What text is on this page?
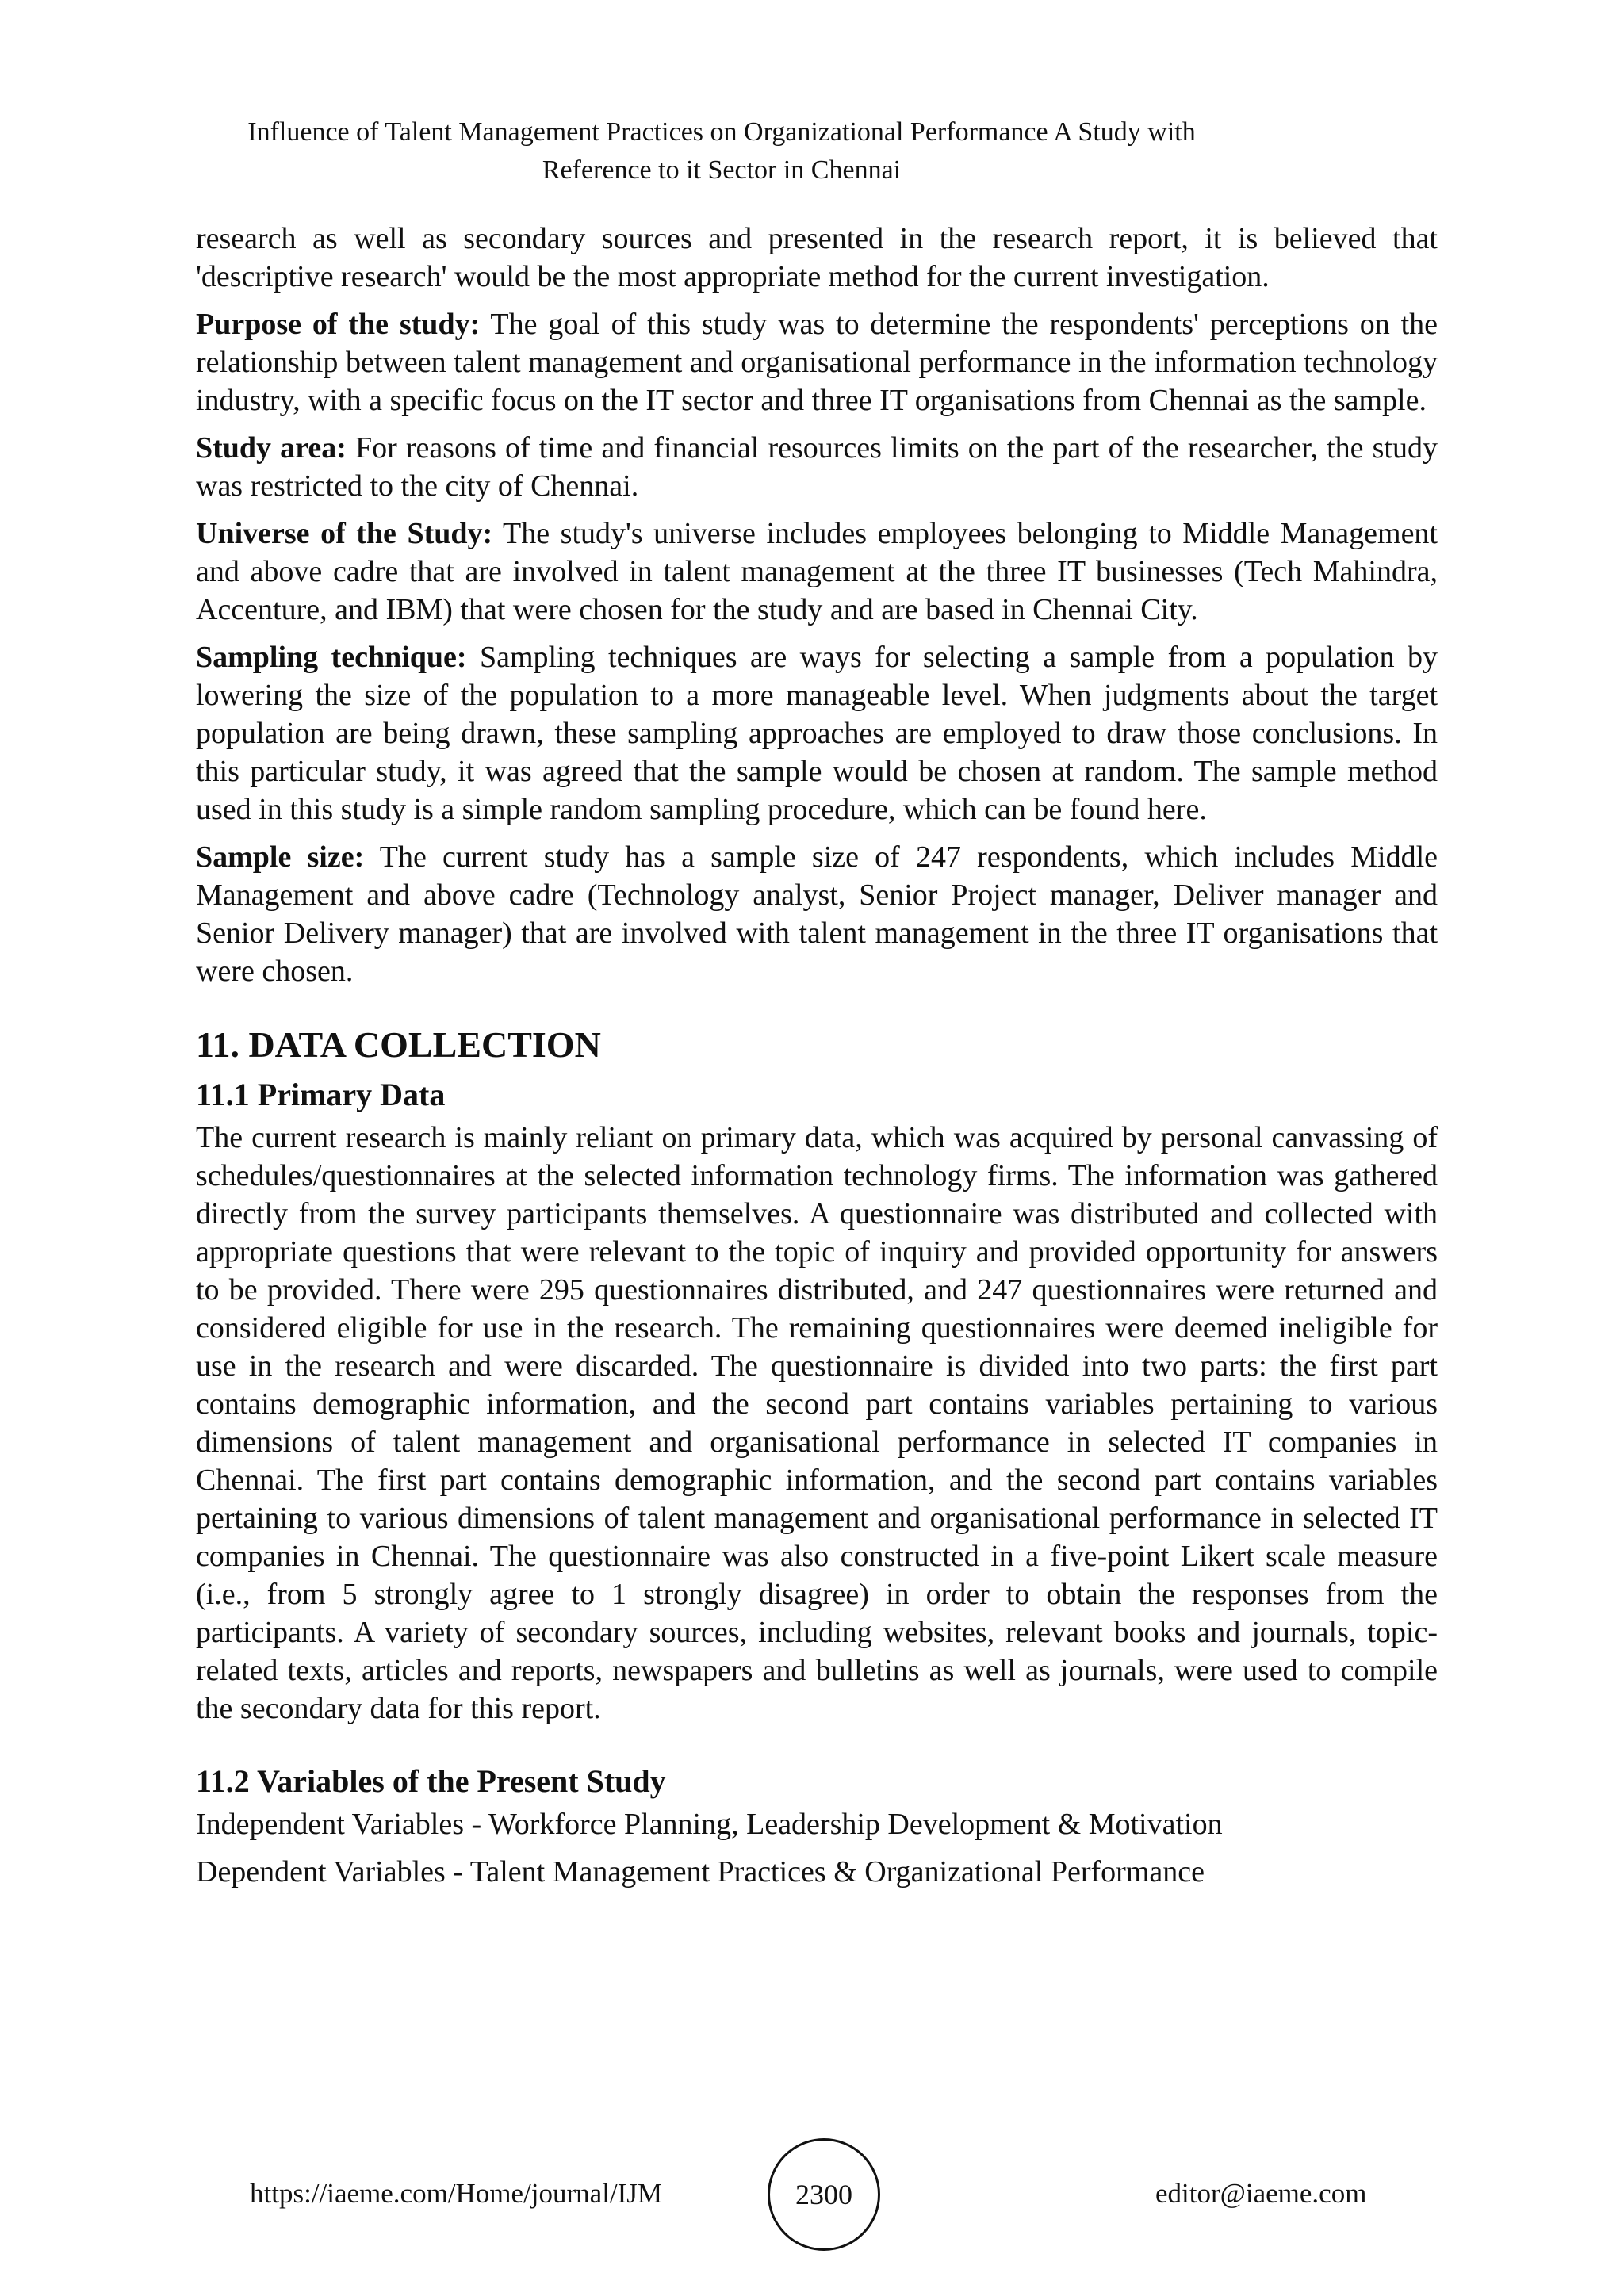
Influence of Talent Management Practices on Organizational Performance A Study with
Reference to it Sector in Chennai

research as well as secondary sources and presented in the research report, it is believed that 'descriptive research' would be the most appropriate method for the current investigation.

Purpose of the study: The goal of this study was to determine the respondents' perceptions on the relationship between talent management and organisational performance in the information technology industry, with a specific focus on the IT sector and three IT organisations from Chennai as the sample.

Study area: For reasons of time and financial resources limits on the part of the researcher, the study was restricted to the city of Chennai.

Universe of the Study: The study's universe includes employees belonging to Middle Management and above cadre that are involved in talent management at the three IT businesses (Tech Mahindra, Accenture, and IBM) that were chosen for the study and are based in Chennai City.

Sampling technique: Sampling techniques are ways for selecting a sample from a population by lowering the size of the population to a more manageable level. When judgments about the target population are being drawn, these sampling approaches are employed to draw those conclusions. In this particular study, it was agreed that the sample would be chosen at random. The sample method used in this study is a simple random sampling procedure, which can be found here.

Sample size: The current study has a sample size of 247 respondents, which includes Middle Management and above cadre (Technology analyst, Senior Project manager, Deliver manager and Senior Delivery manager) that are involved with talent management in the three IT organisations that were chosen.

11. DATA COLLECTION
11.1 Primary Data

The current research is mainly reliant on primary data, which was acquired by personal canvassing of schedules/questionnaires at the selected information technology firms. The information was gathered directly from the survey participants themselves. A questionnaire was distributed and collected with appropriate questions that were relevant to the topic of inquiry and provided opportunity for answers to be provided. There were 295 questionnaires distributed, and 247 questionnaires were returned and considered eligible for use in the research. The remaining questionnaires were deemed ineligible for use in the research and were discarded. The questionnaire is divided into two parts: the first part contains demographic information, and the second part contains variables pertaining to various dimensions of talent management and organisational performance in selected IT companies in Chennai. The first part contains demographic information, and the second part contains variables pertaining to various dimensions of talent management and organisational performance in selected IT companies in Chennai. The questionnaire was also constructed in a five-point Likert scale measure (i.e., from 5 strongly agree to 1 strongly disagree) in order to obtain the responses from the participants. A variety of secondary sources, including websites, relevant books and journals, topic-related texts, articles and reports, newspapers and bulletins as well as journals, were used to compile the secondary data for this report.

11.2 Variables of the Present Study

Independent Variables - Workforce Planning, Leadership Development & Motivation

Dependent Variables - Talent Management Practices & Organizational Performance

https://iaeme.com/Home/journal/IJM	2300	editor@iaeme.com
